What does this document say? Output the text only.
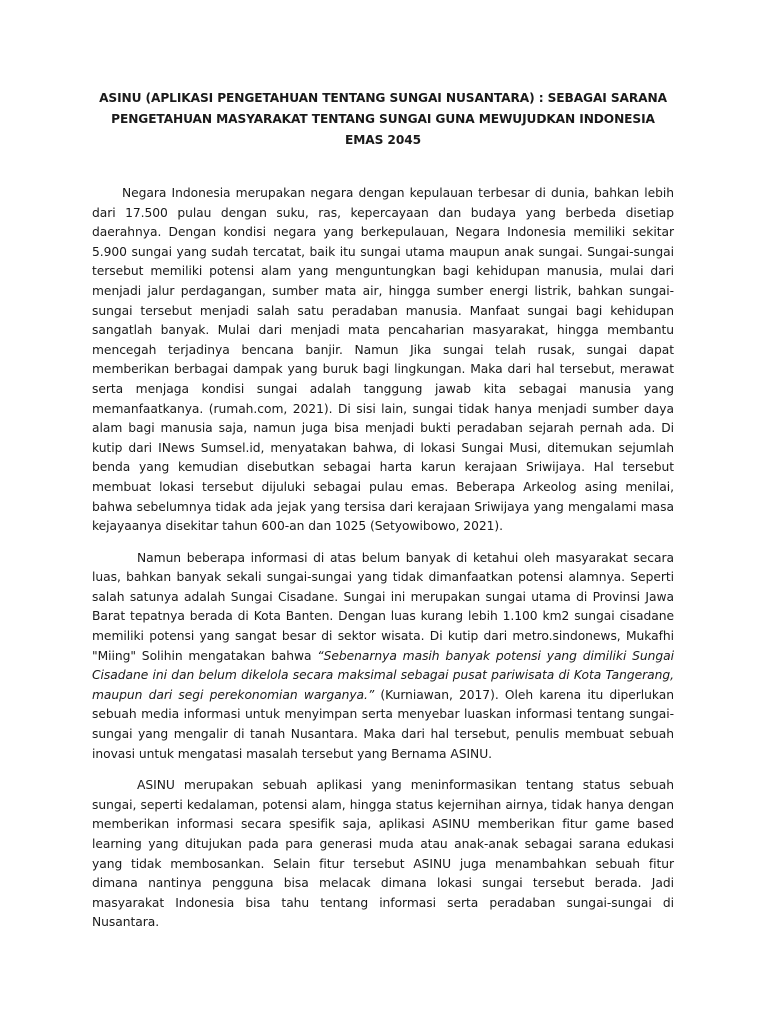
ASINU (APLIKASI PENGETAHUAN TENTANG SUNGAI NUSANTARA) : SEBAGAI SARANA PENGETAHUAN MASYARAKAT TENTANG SUNGAI GUNA MEWUJUDKAN INDONESIA EMAS 2045

Negara Indonesia merupakan negara dengan kepulauan terbesar di dunia, bahkan lebih dari 17.500 pulau dengan suku, ras, kepercayaan dan budaya yang berbeda disetiap daerahnya. Dengan kondisi negara yang berkepulauan, Negara Indonesia memiliki sekitar 5.900 sungai yang sudah tercatat, baik itu sungai utama maupun anak sungai. Sungai-sungai tersebut memiliki potensi alam yang menguntungkan bagi kehidupan manusia, mulai dari menjadi jalur perdagangan, sumber mata air, hingga sumber energi listrik, bahkan sungai-sungai tersebut menjadi salah satu peradaban manusia. Manfaat sungai bagi kehidupan sangatlah banyak. Mulai dari menjadi mata pencaharian masyarakat, hingga membantu mencegah terjadinya bencana banjir. Namun Jika sungai telah rusak, sungai dapat memberikan berbagai dampak yang buruk bagi lingkungan. Maka dari hal tersebut, merawat serta menjaga kondisi sungai adalah tanggung jawab kita sebagai manusia yang memanfaatkanya. (rumah.com, 2021). Di sisi lain, sungai tidak hanya menjadi sumber daya alam bagi manusia saja, namun juga bisa menjadi bukti peradaban sejarah pernah ada. Di kutip dari INews Sumsel.id, menyatakan bahwa, di lokasi Sungai Musi, ditemukan sejumlah benda yang kemudian disebutkan sebagai harta karun kerajaan Sriwijaya. Hal tersebut membuat lokasi tersebut dijuluki sebagai pulau emas. Beberapa Arkeolog asing menilai, bahwa sebelumnya tidak ada jejak yang tersisa dari kerajaan Sriwijaya yang mengalami masa kejayaanya disekitar tahun 600-an dan 1025 (Setyowibowo, 2021).

Namun beberapa informasi di atas belum banyak di ketahui oleh masyarakat secara luas, bahkan banyak sekali sungai-sungai yang tidak dimanfaatkan potensi alamnya. Seperti salah satunya adalah Sungai Cisadane. Sungai ini merupakan sungai utama di Provinsi Jawa Barat tepatnya berada di Kota Banten. Dengan luas kurang lebih 1.100 km2 sungai cisadane memiliki potensi yang sangat besar di sektor wisata. Di kutip dari metro.sindonews, Mukafhi "Miing" Solihin mengatakan bahwa “Sebenarnya masih banyak potensi yang dimiliki Sungai Cisadane ini dan belum dikelola secara maksimal sebagai pusat pariwisata di Kota Tangerang, maupun dari segi perekonomian warganya.” (Kurniawan, 2017). Oleh karena itu diperlukan sebuah media informasi untuk menyimpan serta menyebar luaskan informasi tentang sungai-sungai yang mengalir di tanah Nusantara. Maka dari hal tersebut, penulis membuat sebuah inovasi untuk mengatasi masalah tersebut yang Bernama ASINU.

ASINU merupakan sebuah aplikasi yang meninformasikan tentang status sebuah sungai, seperti kedalaman, potensi alam, hingga status kejernihan airnya, tidak hanya dengan memberikan informasi secara spesifik saja, aplikasi ASINU memberikan fitur game based learning yang ditujukan pada para generasi muda atau anak-anak sebagai sarana edukasi yang tidak membosankan. Selain fitur tersebut ASINU juga menambahkan sebuah fitur dimana nantinya pengguna bisa melacak dimana lokasi sungai tersebut berada. Jadi masyarakat Indonesia bisa tahu tentang informasi serta peradaban sungai-sungai di Nusantara.
